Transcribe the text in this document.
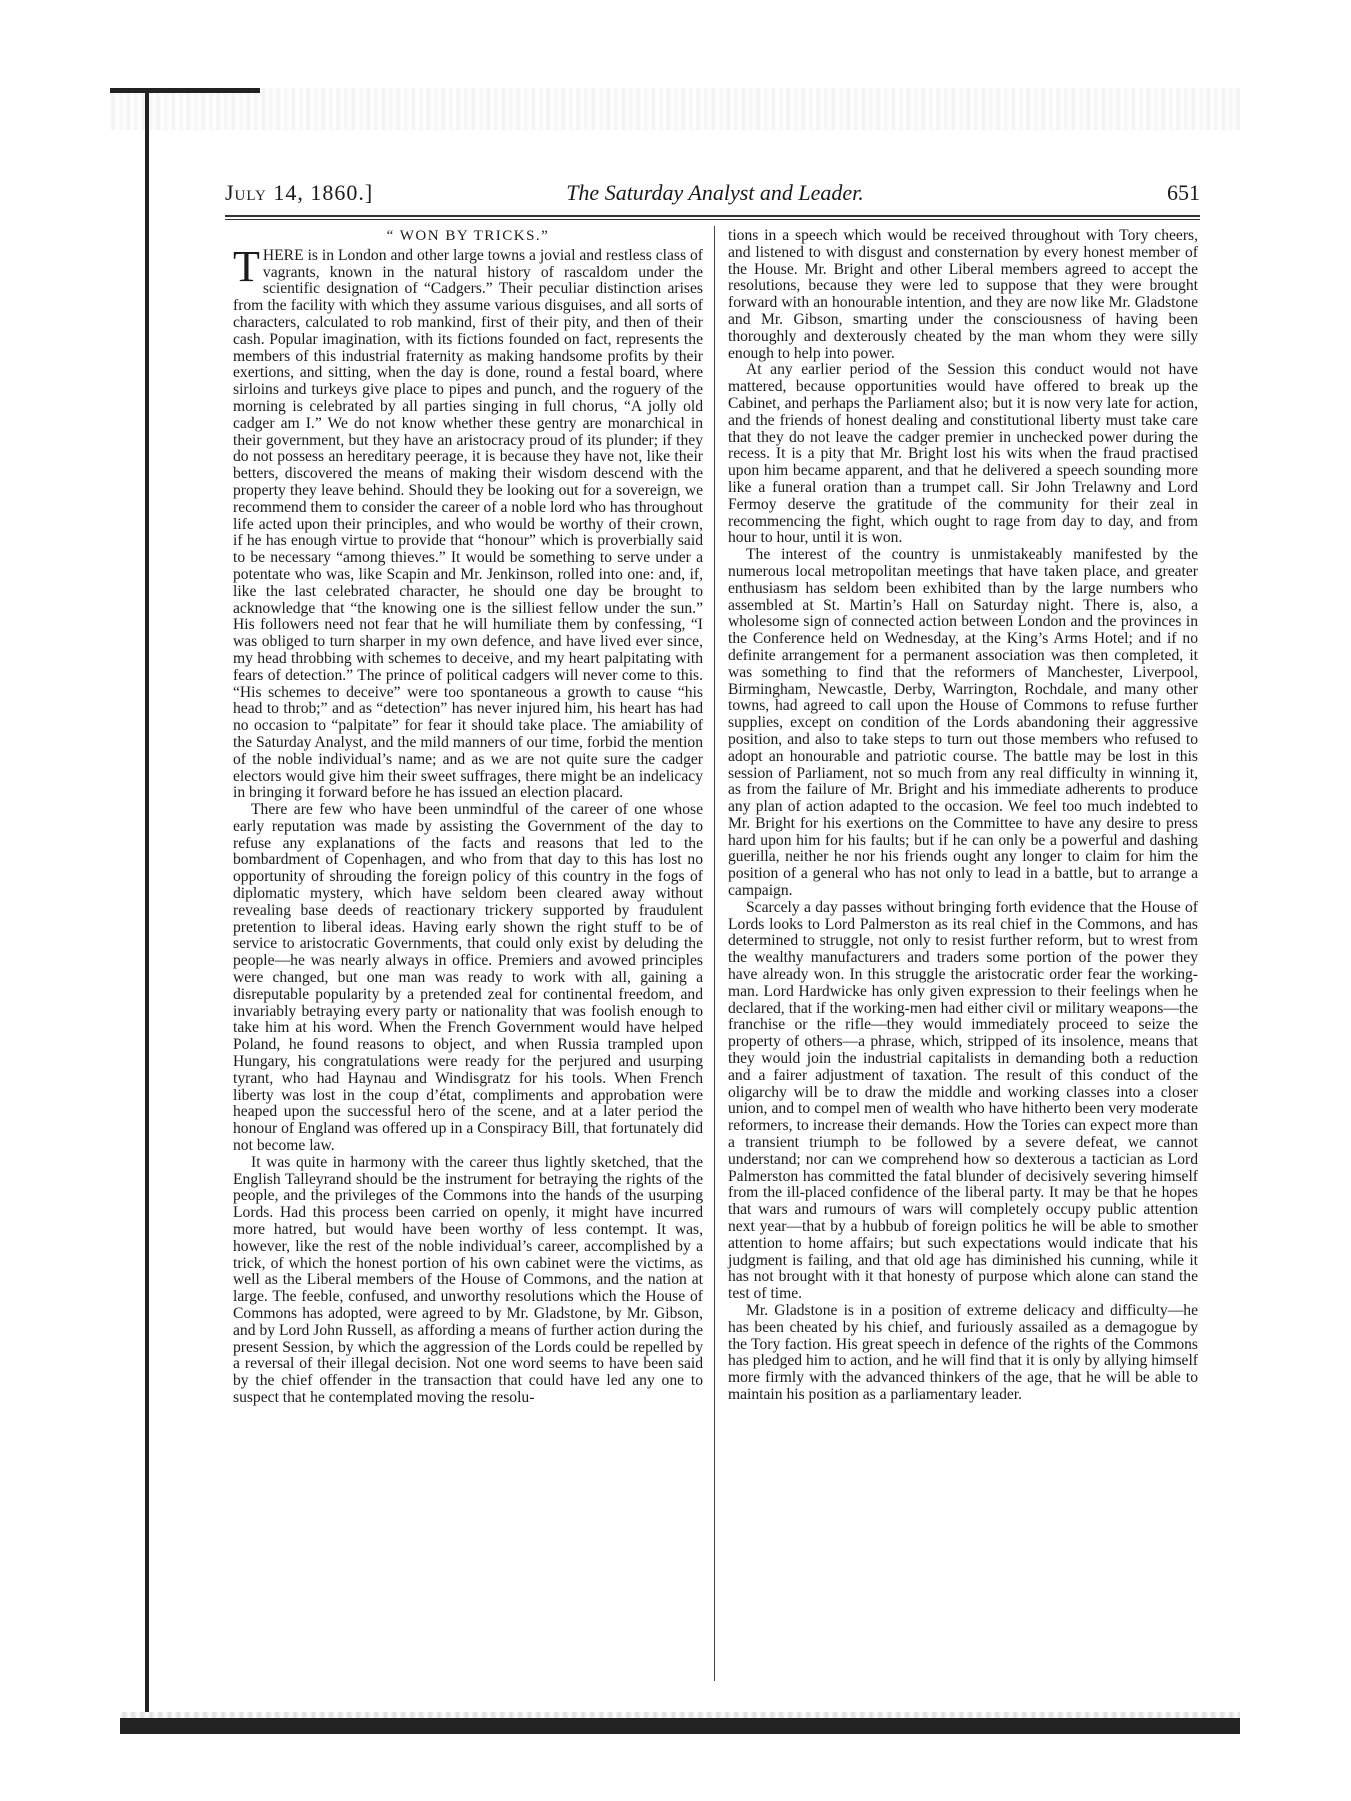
July 14, 1860.]	The Saturday Analyst and Leader.	651
“ WON BY TRICKS.”

THERE is in London and other large towns a jovial and restless class of vagrants, known in the natural history of rascaldom under the scientific designation of “Cadgers.” Their peculiar distinction arises from the facility with which they assume various disguises, and all sorts of characters, calculated to rob mankind, first of their pity, and then of their cash. Popular imagination, with its fictions founded on fact, represents the members of this industrial fraternity as making handsome profits by their exertions, and sitting, when the day is done, round a festal board, where sirloins and turkeys give place to pipes and punch, and the roguery of the morning is celebrated by all parties singing in full chorus, “A jolly old cadger am I.” We do not know whether these gentry are monarchical in their government, but they have an aristocracy proud of its plunder; if they do not possess an hereditary peerage, it is because they have not, like their betters, discovered the means of making their wisdom descend with the property they leave behind. Should they be looking out for a sovereign, we recommend them to consider the career of a noble lord who has throughout life acted upon their principles, and who would be worthy of their crown, if he has enough virtue to provide that “honour” which is proverbially said to be necessary “among thieves.” It would be something to serve under a potentate who was, like Scapin and Mr. Jenkinson, rolled into one: and, if, like the last celebrated character, he should one day be brought to acknowledge that “the knowing one is the silliest fellow under the sun.” His followers need not fear that he will humiliate them by confessing, “I was obliged to turn sharper in my own defence, and have lived ever since, my head throbbing with schemes to deceive, and my heart palpitating with fears of detection.” The prince of political cadgers will never come to this. “His schemes to deceive” were too spontaneous a growth to cause “his head to throb;” and as “detection” has never injured him, his heart has had no occasion to “palpitate” for fear it should take place. The amiability of the Saturday Analyst, and the mild manners of our time, forbid the mention of the noble individual’s name; and as we are not quite sure the cadger electors would give him their sweet suffrages, there might be an indelicacy in bringing it forward before he has issued an election placard.

There are few who have been unmindful of the career of one whose early reputation was made by assisting the Government of the day to refuse any explanations of the facts and reasons that led to the bombardment of Copenhagen, and who from that day to this has lost no opportunity of shrouding the foreign policy of this country in the fogs of diplomatic mystery, which have seldom been cleared away without revealing base deeds of reactionary trickery supported by fraudulent pretention to liberal ideas. Having early shown the right stuff to be of service to aristocratic Governments, that could only exist by deluding the people—he was nearly always in office. Premiers and avowed principles were changed, but one man was ready to work with all, gaining a disreputable popularity by a pretended zeal for continental freedom, and invariably betraying every party or nationality that was foolish enough to take him at his word. When the French Government would have helped Poland, he found reasons to object, and when Russia trampled upon Hungary, his congratulations were ready for the perjured and usurping tyrant, who had Haynau and Windisgratz for his tools. When French liberty was lost in the coup d’état, compliments and approbation were heaped upon the successful hero of the scene, and at a later period the honour of England was offered up in a Conspiracy Bill, that fortunately did not become law.

It was quite in harmony with the career thus lightly sketched, that the English Talleyrand should be the instrument for betraying the rights of the people, and the privileges of the Commons into the hands of the usurping Lords. Had this process been carried on openly, it might have incurred more hatred, but would have been worthy of less contempt. It was, however, like the rest of the noble individual’s career, accomplished by a trick, of which the honest portion of his own cabinet were the victims, as well as the Liberal members of the House of Commons, and the nation at large. The feeble, confused, and unworthy resolutions which the House of Commons has adopted, were agreed to by Mr. Gladstone, by Mr. Gibson, and by Lord John Russell, as affording a means of further action during the present Session, by which the aggression of the Lords could be repelled by a reversal of their illegal decision. Not one word seems to have been said by the chief offender in the transaction that could have led any one to suspect that he contemplated moving the resolu-

tions in a speech which would be received throughout with Tory cheers, and listened to with disgust and consternation by every honest member of the House. Mr. Bright and other Liberal members agreed to accept the resolutions, because they were led to suppose that they were brought forward with an honourable intention, and they are now like Mr. Gladstone and Mr. Gibson, smarting under the consciousness of having been thoroughly and dexterously cheated by the man whom they were silly enough to help into power.

At any earlier period of the Session this conduct would not have mattered, because opportunities would have offered to break up the Cabinet, and perhaps the Parliament also; but it is now very late for action, and the friends of honest dealing and constitutional liberty must take care that they do not leave the cadger premier in unchecked power during the recess. It is a pity that Mr. Bright lost his wits when the fraud practised upon him became apparent, and that he delivered a speech sounding more like a funeral oration than a trumpet call. Sir John Trelawny and Lord Fermoy deserve the gratitude of the community for their zeal in recommencing the fight, which ought to rage from day to day, and from hour to hour, until it is won.

The interest of the country is unmistakeably manifested by the numerous local metropolitan meetings that have taken place, and greater enthusiasm has seldom been exhibited than by the large numbers who assembled at St. Martin’s Hall on Saturday night. There is, also, a wholesome sign of connected action between London and the provinces in the Conference held on Wednesday, at the King’s Arms Hotel; and if no definite arrangement for a permanent association was then completed, it was something to find that the reformers of Manchester, Liverpool, Birmingham, Newcastle, Derby, Warrington, Rochdale, and many other towns, had agreed to call upon the House of Commons to refuse further supplies, except on condition of the Lords abandoning their aggressive position, and also to take steps to turn out those members who refused to adopt an honourable and patriotic course. The battle may be lost in this session of Parliament, not so much from any real difficulty in winning it, as from the failure of Mr. Bright and his immediate adherents to produce any plan of action adapted to the occasion. We feel too much indebted to Mr. Bright for his exertions on the Committee to have any desire to press hard upon him for his faults; but if he can only be a powerful and dashing guerilla, neither he nor his friends ought any longer to claim for him the position of a general who has not only to lead in a battle, but to arrange a campaign.

Scarcely a day passes without bringing forth evidence that the House of Lords looks to Lord Palmerston as its real chief in the Commons, and has determined to struggle, not only to resist further reform, but to wrest from the wealthy manufacturers and traders some portion of the power they have already won. In this struggle the aristocratic order fear the working-man. Lord Hardwicke has only given expression to their feelings when he declared, that if the working-men had either civil or military weapons—the franchise or the rifle—they would immediately proceed to seize the property of others—a phrase, which, stripped of its insolence, means that they would join the industrial capitalists in demanding both a reduction and a fairer adjustment of taxation. The result of this conduct of the oligarchy will be to draw the middle and working classes into a closer union, and to compel men of wealth who have hitherto been very moderate reformers, to increase their demands. How the Tories can expect more than a transient triumph to be followed by a severe defeat, we cannot understand; nor can we comprehend how so dexterous a tactician as Lord Palmerston has committed the fatal blunder of decisively severing himself from the ill-placed confidence of the liberal party. It may be that he hopes that wars and rumours of wars will completely occupy public attention next year—that by a hubbub of foreign politics he will be able to smother attention to home affairs; but such expectations would indicate that his judgment is failing, and that old age has diminished his cunning, while it has not brought with it that honesty of purpose which alone can stand the test of time.

Mr. Gladstone is in a position of extreme delicacy and difficulty—he has been cheated by his chief, and furiously assailed as a demagogue by the Tory faction. His great speech in defence of the rights of the Commons has pledged him to action, and he will find that it is only by allying himself more firmly with the advanced thinkers of the age, that he will be able to maintain his position as a parliamentary leader.
